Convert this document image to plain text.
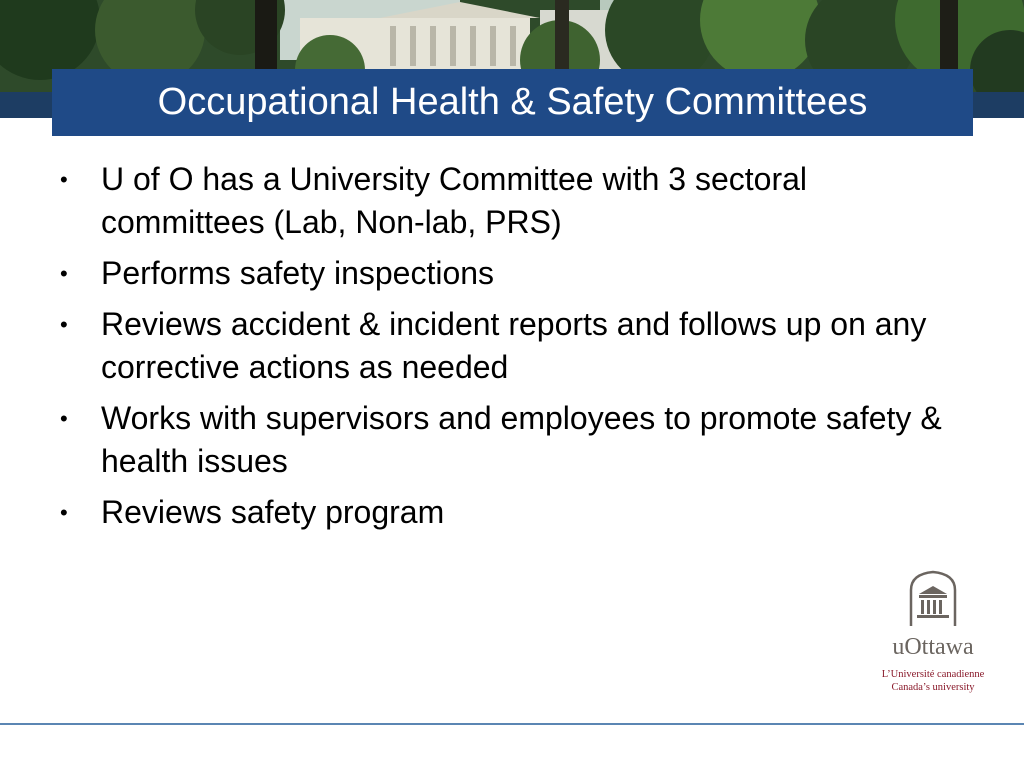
Occupational Health & Safety Committees
• U of O has a University Committee with 3 sectoral committees (Lab, Non-lab, PRS)
• Performs safety inspections
• Reviews accident & incident reports and follows up on any corrective actions as needed
• Works with supervisors and employees to promote safety & health issues
• Reviews safety program
uOttawa
L’Université canadienne
Canada’s university
